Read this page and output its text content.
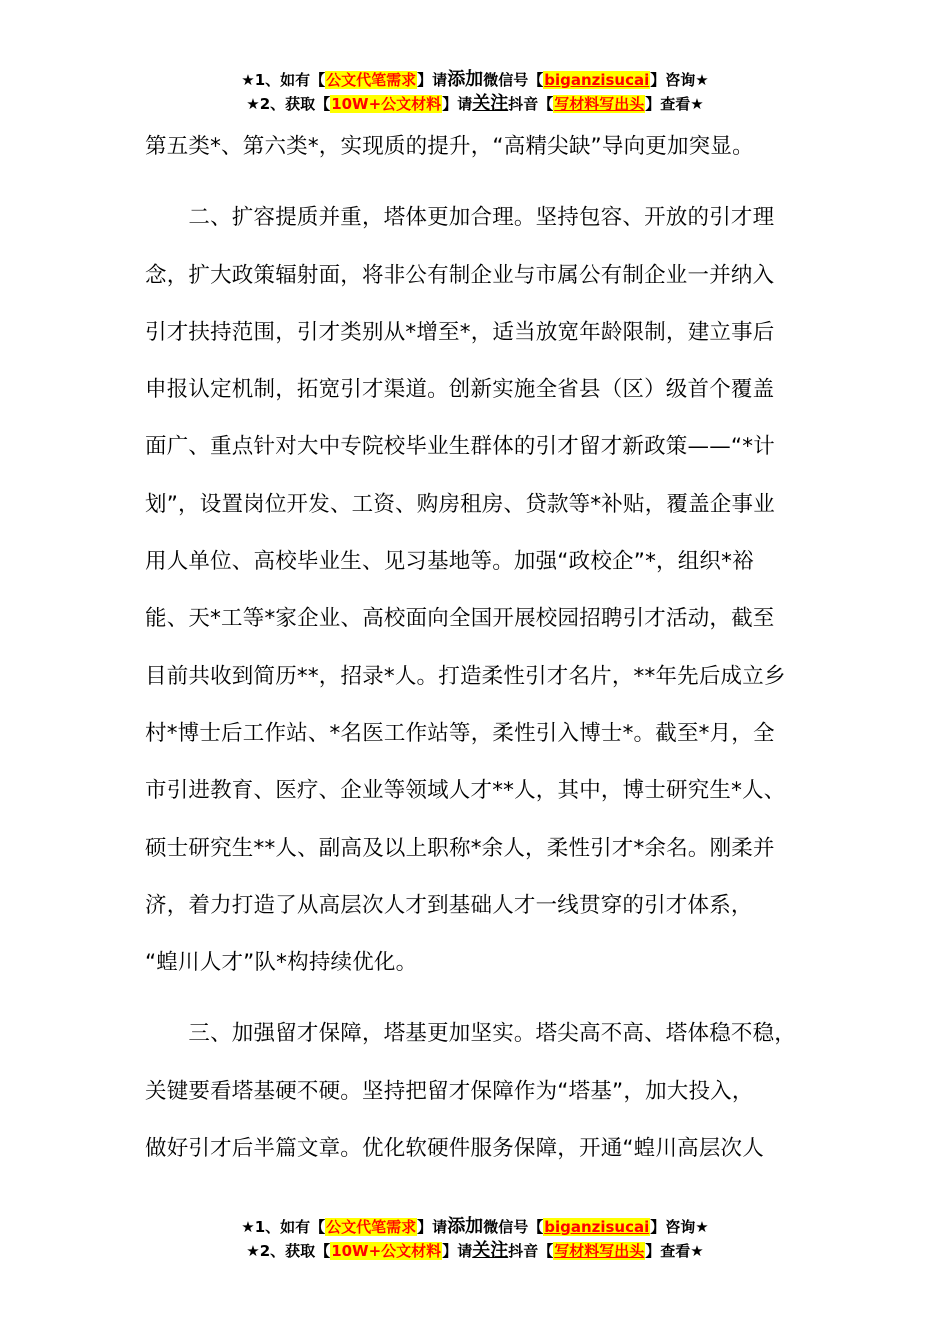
★1、如有【公文代笔需求】请添加微信号【biganzisucai】咨询★
★2、获取【10W+公文材料】请关注抖音【写材料写出头】查看★
第五类*、第六类*，实现质的提升，“高精尖缺”导向更加突显。
　　二、扩容提质并重，塔体更加合理。坚持包容、开放的引才理
念，扩大政策辐射面，将非公有制企业与市属公有制企业一并纳入
引才扶持范围，引才类别从*增至*，适当放宽年龄限制，建立事后
申报认定机制，拓宽引才渠道。创新实施全省县（区）级首个覆盖
面广、重点针对大中专院校毕业生群体的引才留才新政策——“*计
划”，设置岗位开发、工资、购房租房、贷款等*补贴，覆盖企事业
用人单位、高校毕业生、见习基地等。加强“政校企”*，组织*裕
能、天*工等*家企业、高校面向全国开展校园招聘引才活动，截至
目前共收到简历**，招录*人。打造柔性引才名片，**年先后成立乡
村*博士后工作站、*名医工作站等，柔性引入博士*。截至*月，全
市引进教育、医疗、企业等领域人才**人，其中，博士研究生*人、
硕士研究生**人、副高及以上职称*余人，柔性引才*余名。刚柔并
济，着力打造了从高层次人才到基础人才一线贯穿的引才体系，
“蝗川人才”队*构持续优化。
　　三、加强留才保障，塔基更加坚实。塔尖高不高、塔体稳不稳，
关键要看塔基硬不硬。坚持把留才保障作为“塔基”，加大投入，
做好引才后半篇文章。优化软硬件服务保障，开通“蝗川高层次人
★1、如有【公文代笔需求】请添加微信号【biganzisucai】咨询★
★2、获取【10W+公文材料】请关注抖音【写材料写出头】查看★
